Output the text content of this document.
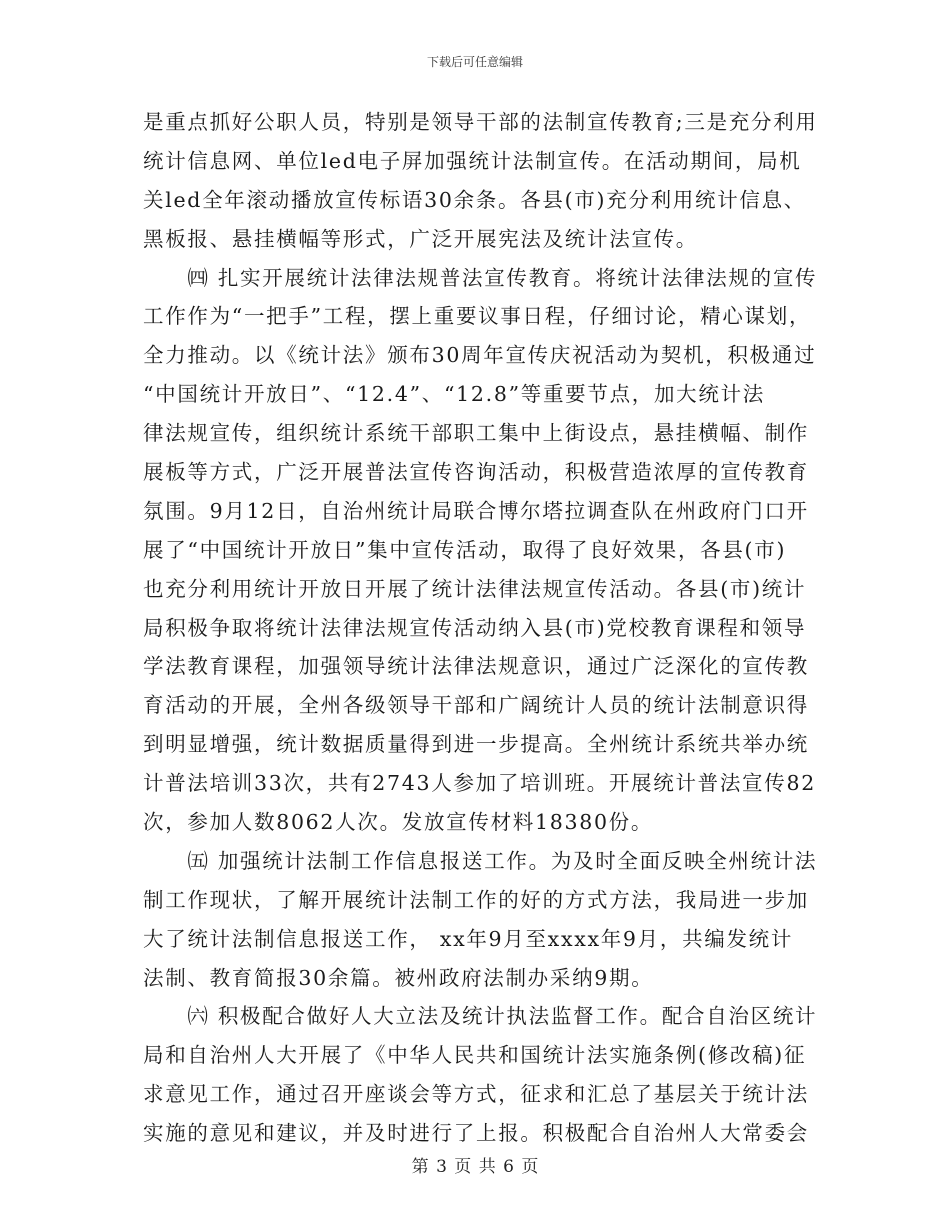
下载后可任意编辑
是重点抓好公职人员，特别是领导干部的法制宣传教育;三是充分利用
统计信息网、单位led电子屏加强统计法制宣传。在活动期间，局机
关led全年滚动播放宣传标语30余条。各县(市)充分利用统计信息、
黑板报、悬挂横幅等形式，广泛开展宪法及统计法宣传。
　　㈣ 扎实开展统计法律法规普法宣传教育。将统计法律法规的宣传
工作作为“一把手”工程，摆上重要议事日程，仔细讨论，精心谋划，
全力推动。以《统计法》颁布30周年宣传庆祝活动为契机，积极通过
“中国统计开放日”、“12.4”、“12.8”等重要节点，加大统计法
律法规宣传，组织统计系统干部职工集中上街设点，悬挂横幅、制作
展板等方式，广泛开展普法宣传咨询活动，积极营造浓厚的宣传教育
氛围。9月12日，自治州统计局联合博尔塔拉调查队在州政府门口开
展了“中国统计开放日”集中宣传活动，取得了良好效果，各县(市)
也充分利用统计开放日开展了统计法律法规宣传活动。各县(市)统计
局积极争取将统计法律法规宣传活动纳入县(市)党校教育课程和领导
学法教育课程，加强领导统计法律法规意识，通过广泛深化的宣传教
育活动的开展，全州各级领导干部和广阔统计人员的统计法制意识得
到明显增强，统计数据质量得到进一步提高。全州统计系统共举办统
计普法培训33次，共有2743人参加了培训班。开展统计普法宣传82
次，参加人数8062人次。发放宣传材料18380份。
　　㈤ 加强统计法制工作信息报送工作。为及时全面反映全州统计法
制工作现状，了解开展统计法制工作的好的方式方法，我局进一步加
大了统计法制信息报送工作， xx年9月至xxxx年9月，共编发统计
法制、教育简报30余篇。被州政府法制办采纳9期。
　　㈥ 积极配合做好人大立法及统计执法监督工作。配合自治区统计
局和自治州人大开展了《中华人民共和国统计法实施条例(修改稿)征
求意见工作，通过召开座谈会等方式，征求和汇总了基层关于统计法
实施的意见和建议，并及时进行了上报。积极配合自治州人大常委会
第 3 页 共 6 页
